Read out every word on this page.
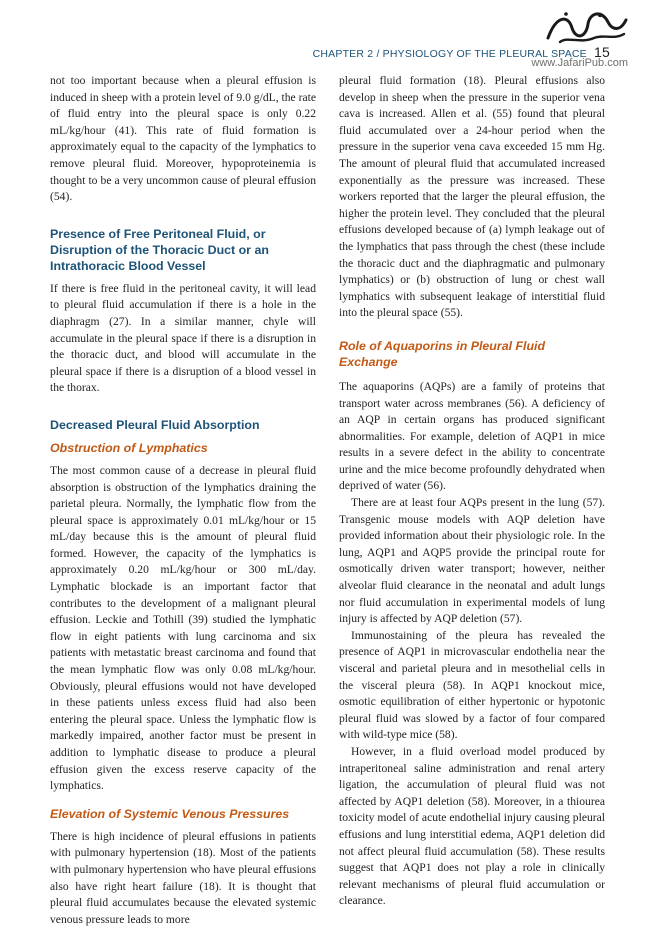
CHAPTER 2 / PHYSIOLOGY OF THE PLEURAL SPACE 15
www.JafariPub.com

not too important because when a pleural effusion is induced in sheep with a protein level of 9.0 g/dL, the rate of fluid entry into the pleural space is only 0.22 mL/kg/hour (41). This rate of fluid formation is approximately equal to the capacity of the lymphatics to remove pleural fluid. Moreover, hypoproteinemia is thought to be a very uncommon cause of pleural effusion (54).

Presence of Free Peritoneal Fluid, or Disruption of the Thoracic Duct or an Intrathoracic Blood Vessel

If there is free fluid in the peritoneal cavity, it will lead to pleural fluid accumulation if there is a hole in the diaphragm (27). In a similar manner, chyle will accumulate in the pleural space if there is a disruption in the thoracic duct, and blood will accumulate in the pleural space if there is a disruption of a blood vessel in the thorax.

Decreased Pleural Fluid Absorption
Obstruction of Lymphatics

The most common cause of a decrease in pleural fluid absorption is obstruction of the lymphatics draining the parietal pleura. Normally, the lymphatic flow from the pleural space is approximately 0.01 mL/kg/hour or 15 mL/day because this is the amount of pleural fluid formed. However, the capacity of the lymphatics is approximately 0.20 mL/kg/hour or 300 mL/day. Lymphatic blockade is an important factor that contributes to the development of a malignant pleural effusion. Leckie and Tothill (39) studied the lymphatic flow in eight patients with lung carcinoma and six patients with metastatic breast carcinoma and found that the mean lymphatic flow was only 0.08 mL/kg/hour. Obviously, pleural effusions would not have developed in these patients unless excess fluid had also been entering the pleural space. Unless the lymphatic flow is markedly impaired, another factor must be present in addition to lymphatic disease to produce a pleural effusion given the excess reserve capacity of the lymphatics.

Elevation of Systemic Venous Pressures

There is high incidence of pleural effusions in patients with pulmonary hypertension (18). Most of the patients with pulmonary hypertension who have pleural effusions also have right heart failure (18). It is thought that pleural fluid accumulates because the elevated systemic venous pressure leads to more

pleural fluid formation (18). Pleural effusions also develop in sheep when the pressure in the superior vena cava is increased. Allen et al. (55) found that pleural fluid accumulated over a 24-hour period when the pressure in the superior vena cava exceeded 15 mm Hg. The amount of pleural fluid that accumulated increased exponentially as the pressure was increased. These workers reported that the larger the pleural effusion, the higher the protein level. They concluded that the pleural effusions developed because of (a) lymph leakage out of the lymphatics that pass through the chest (these include the thoracic duct and the diaphragmatic and pulmonary lymphatics) or (b) obstruction of lung or chest wall lymphatics with subsequent leakage of interstitial fluid into the pleural space (55).

Role of Aquaporins in Pleural Fluid Exchange

The aquaporins (AQPs) are a family of proteins that transport water across membranes (56). A deficiency of an AQP in certain organs has produced significant abnormalities. For example, deletion of AQP1 in mice results in a severe defect in the ability to concentrate urine and the mice become profoundly dehydrated when deprived of water (56).

There are at least four AQPs present in the lung (57). Transgenic mouse models with AQP deletion have provided information about their physiologic role. In the lung, AQP1 and AQP5 provide the principal route for osmotically driven water transport; however, neither alveolar fluid clearance in the neonatal and adult lungs nor fluid accumulation in experimental models of lung injury is affected by AQP deletion (57).

Immunostaining of the pleura has revealed the presence of AQP1 in microvascular endothelia near the visceral and parietal pleura and in mesothelial cells in the visceral pleura (58). In AQP1 knockout mice, osmotic equilibration of either hypertonic or hypotonic pleural fluid was slowed by a factor of four compared with wild-type mice (58).

However, in a fluid overload model produced by intraperitoneal saline administration and renal artery ligation, the accumulation of pleural fluid was not affected by AQP1 deletion (58). Moreover, in a thiourea toxicity model of acute endothelial injury causing pleural effusions and lung interstitial edema, AQP1 deletion did not affect pleural fluid accumulation (58). These results suggest that AQP1 does not play a role in clinically relevant mechanisms of pleural fluid accumulation or clearance.
